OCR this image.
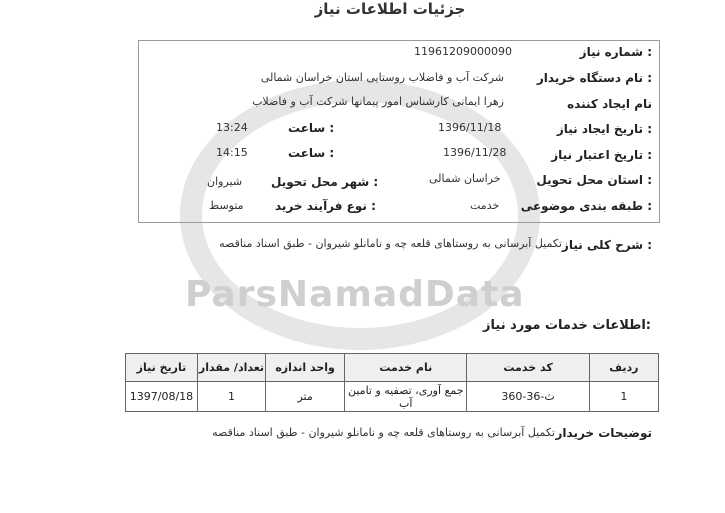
ParsNamadData
جزئیات اطلاعات نیاز
شماره نیاز :
11961209000090
نام دستگاه خریدار :
شرکت آب و فاضلاب روستایی استان خراسان شمالی
نام ایجاد کننده
زهرا ایمانی کارشناس امور پیمانها شرکت آب و فاضلاب
تاریخ ایجاد نیاز :
1396/11/18
ساعت :
13:24
تاریخ اعتبار نیاز :
1396/11/28
ساعت :
14:15
استان محل تحویل :
خراسان شمالی
شهر محل تحویل :
شیروان
طبقه بندی موضوعی :
خدمت
نوع فرآیند خرید :
متوسط
شرح کلی نیاز :
تکمیل آبرسانی به روستاهای قلعه چه و نامانلو شیروان - طبق اسناد مناقصه
اطلاعات خدمات مورد نیاز:
ردیف	کد خدمت	نام خدمت	واحد اندازه	تعداد/ مقدار	تاریخ نیاز
1	ث-36-360	جمع آوری، تصفیه و تامین آب	متر	1	1397/08/18
توضیحات خریدار
تکمیل آبرسانی به روستاهای قلعه چه و نامانلو شیروان - طبق اسناد مناقصه
